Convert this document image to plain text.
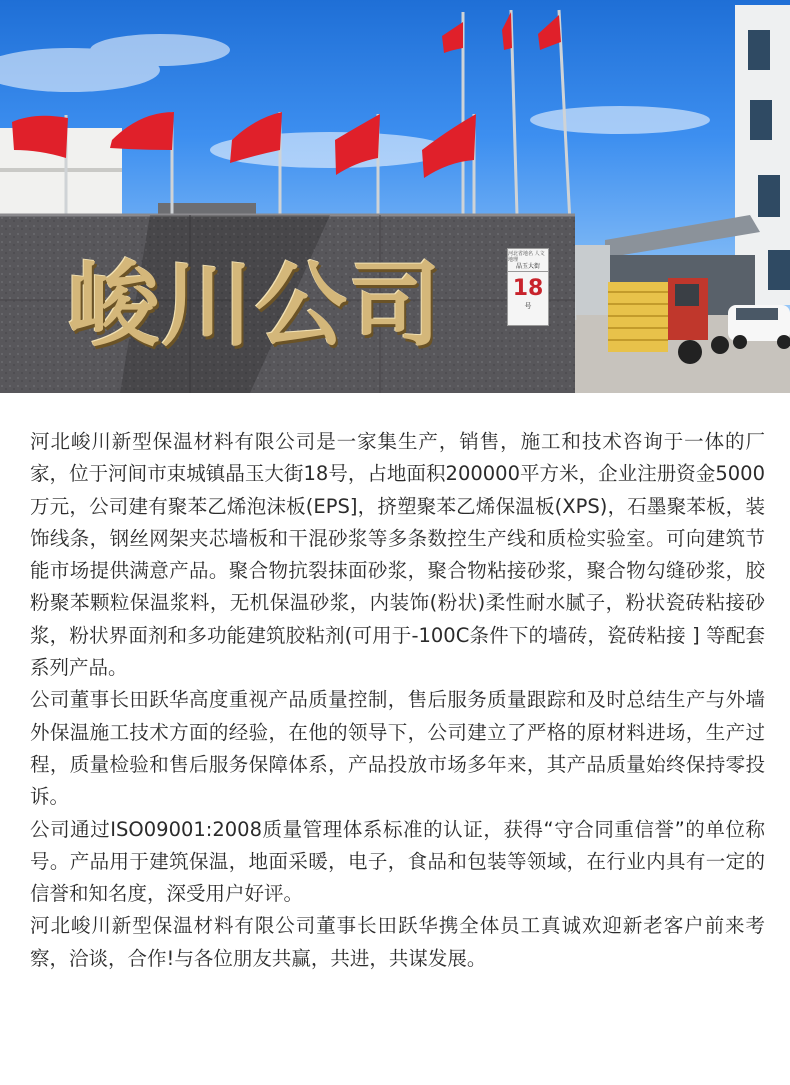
峻川公司	河北省地名 人文地理
晶玉大街
18
号

河北峻川新型保温材料有限公司是一家集生产，销售，施工和技术咨询于一体的厂家，位于河间市束城镇晶玉大街18号，占地面积200000平方米，企业注册资金5000万元，公司建有聚苯乙烯泡沫板(EPS]，挤塑聚苯乙烯保温板(XPS)，石墨聚苯板，装饰线条，钢丝网架夹芯墙板和干混砂浆等多条数控生产线和质检实验室。可向建筑节能市场提供满意产品。聚合物抗裂抹面砂浆，聚合物粘接砂浆，聚合物勾缝砂浆，胶粉聚苯颗粒保温浆料，无机保温砂浆，内装饰(粉状)柔性耐水腻子，粉状瓷砖粘接砂浆，粉状界面剂和多功能建筑胶粘剂(可用于-100C条件下的墙砖，瓷砖粘接 ] 等配套系列产品。

公司董事长田跃华高度重视产品质量控制，售后服务质量跟踪和及时总结生产与外墙外保温施工技术方面的经验，在他的领导下，公司建立了严格的原材料进场，生产过程，质量检验和售后服务保障体系，产品投放市场多年来，其产品质量始终保持零投诉。

公司通过ISO09001:2008质量管理体系标准的认证，获得“守合同重信誉”的单位称号。产品用于建筑保温，地面采暖，电子，食品和包装等领域，在行业内具有一定的信誉和知名度，深受用户好评。

河北峻川新型保温材料有限公司董事长田跃华携全体员工真诚欢迎新老客户前来考察，洽谈，合作!与各位朋友共赢，共进，共谋发展。
